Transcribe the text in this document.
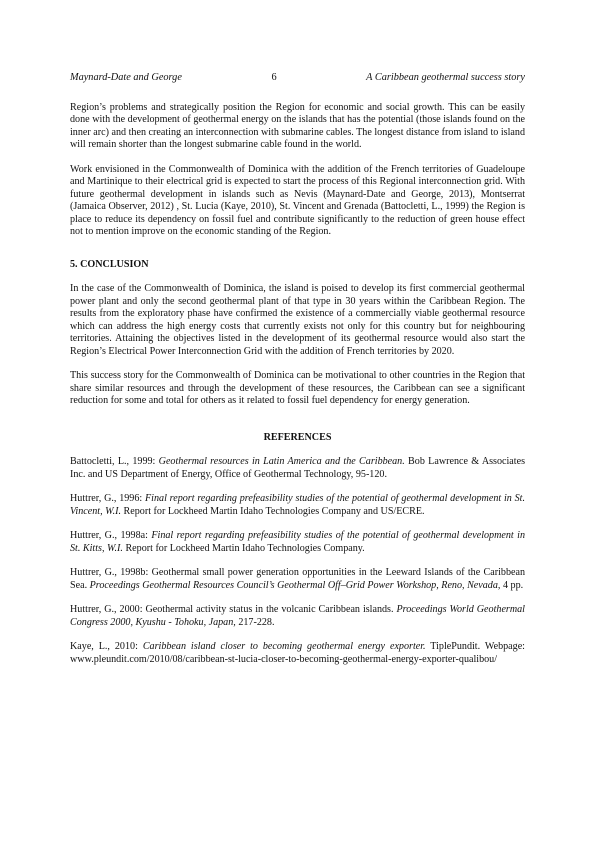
Maynard-Date and George	6	A Caribbean geothermal success story

Region’s problems and strategically position the Region for economic and social growth. This can be easily done with the development of geothermal energy on the islands that has the potential (those islands found on the inner arc) and then creating an interconnection with submarine cables. The longest distance from island to island will remain shorter than the longest submarine cable found in the world.

Work envisioned in the Commonwealth of Dominica with the addition of the French territories of Guadeloupe and Martinique to their electrical grid is expected to start the process of this Regional interconnection grid. With future geothermal development in islands such as Nevis (Maynard-Date and George, 2013), Montserrat (Jamaica Observer, 2012) , St. Lucia (Kaye, 2010), St. Vincent and Grenada (Battocletti, L., 1999) the Region is place to reduce its dependency on fossil fuel and contribute significantly to the reduction of green house effect not to mention improve on the economic standing of the Region.

5. CONCLUSION

In the case of the Commonwealth of Dominica, the island is poised to develop its first commercial geothermal power plant and only the second geothermal plant of that type in 30 years within the Caribbean Region. The results from the exploratory phase have confirmed the existence of a commercially viable geothermal resource which can address the high energy costs that currently exists not only for this country but for neighbouring territories. Attaining the objectives listed in the development of its geothermal resource would also start the Region’s Electrical Power Interconnection Grid with the addition of French territories by 2020.

This success story for the Commonwealth of Dominica can be motivational to other countries in the Region that share similar resources and through the development of these resources, the Caribbean can see a significant reduction for some and total for others as it related to fossil fuel dependency for energy generation.

REFERENCES
Battocletti, L., 1999: Geothermal resources in Latin America and the Caribbean. Bob Lawrence & Associates Inc. and US Department of Energy, Office of Geothermal Technology, 95-120.
Huttrer, G., 1996: Final report regarding prefeasibility studies of the potential of geothermal development in St. Vincent, W.I. Report for Lockheed Martin Idaho Technologies Company and US/ECRE.
Huttrer, G., 1998a: Final report regarding prefeasibility studies of the potential of geothermal development in St. Kitts, W.I. Report for Lockheed Martin Idaho Technologies Company.
Huttrer, G., 1998b: Geothermal small power generation opportunities in the Leeward Islands of the Caribbean Sea. Proceedings Geothermal Resources Council’s Geothermal Off–Grid Power Workshop, Reno, Nevada, 4 pp.
Huttrer, G., 2000: Geothermal activity status in the volcanic Caribbean islands. Proceedings World Geothermal Congress 2000, Kyushu - Tohoku, Japan, 217-228.
Kaye, L., 2010: Caribbean island closer to becoming geothermal energy exporter. TiplePundit. Webpage: www.pleundit.com/2010/08/caribbean-st-lucia-closer-to-becoming-geothermal-energy-exporter-qualibou/
